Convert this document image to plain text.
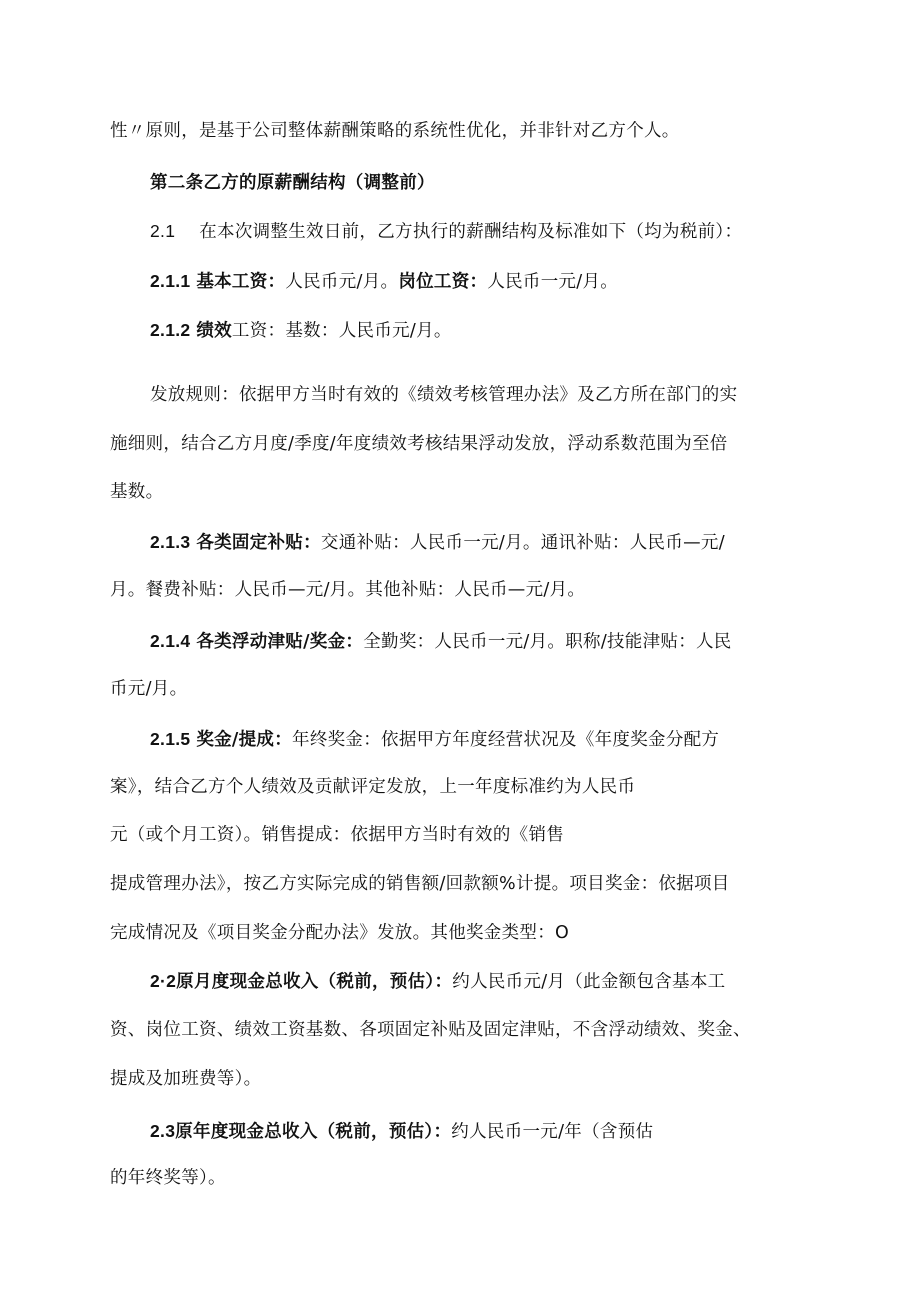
性〃原则，是基于公司整体薪酬策略的系统性优化，并非针对乙方个人。
第二条乙方的原薪酬结构（调整前）
2.1 在本次调整生效日前，乙方执行的薪酬结构及标准如下（均为税前）：
2.1.1 基本工资：人民币元/月。岗位工资：人民币一元/月。
2.1.2 绩效工资：基数：人民币元/月。
发放规则：依据甲方当时有效的《绩效考核管理办法》及乙方所在部门的实
施细则，结合乙方月度/季度/年度绩效考核结果浮动发放，浮动系数范围为至倍
基数。
2.1.3 各类固定补贴：交通补贴：人民币一元/月。通讯补贴：人民币—元/
月。餐费补贴：人民币—元/月。其他补贴：人民币—元/月。
2.1.4 各类浮动津贴/奖金：全勤奖：人民币一元/月。职称/技能津贴：人民
币元/月。
2.1.5 奖金/提成：年终奖金：依据甲方年度经营状况及《年度奖金分配方
案》，结合乙方个人绩效及贡献评定发放，上一年度标准约为人民币
元（或个月工资）。销售提成：依据甲方当时有效的《销售
提成管理办法》，按乙方实际完成的销售额/回款额%计提。项目奖金：依据项目
完成情况及《项目奖金分配办法》发放。其他奖金类型：O
2·2原月度现金总收入（税前，预估）：约人民币元/月（此金额包含基本工
资、岗位工资、绩效工资基数、各项固定补贴及固定津贴，不含浮动绩效、奖金、
提成及加班费等）。
2.3原年度现金总收入（税前，预估）：约人民币一元/年（含预估
的年终奖等）。
